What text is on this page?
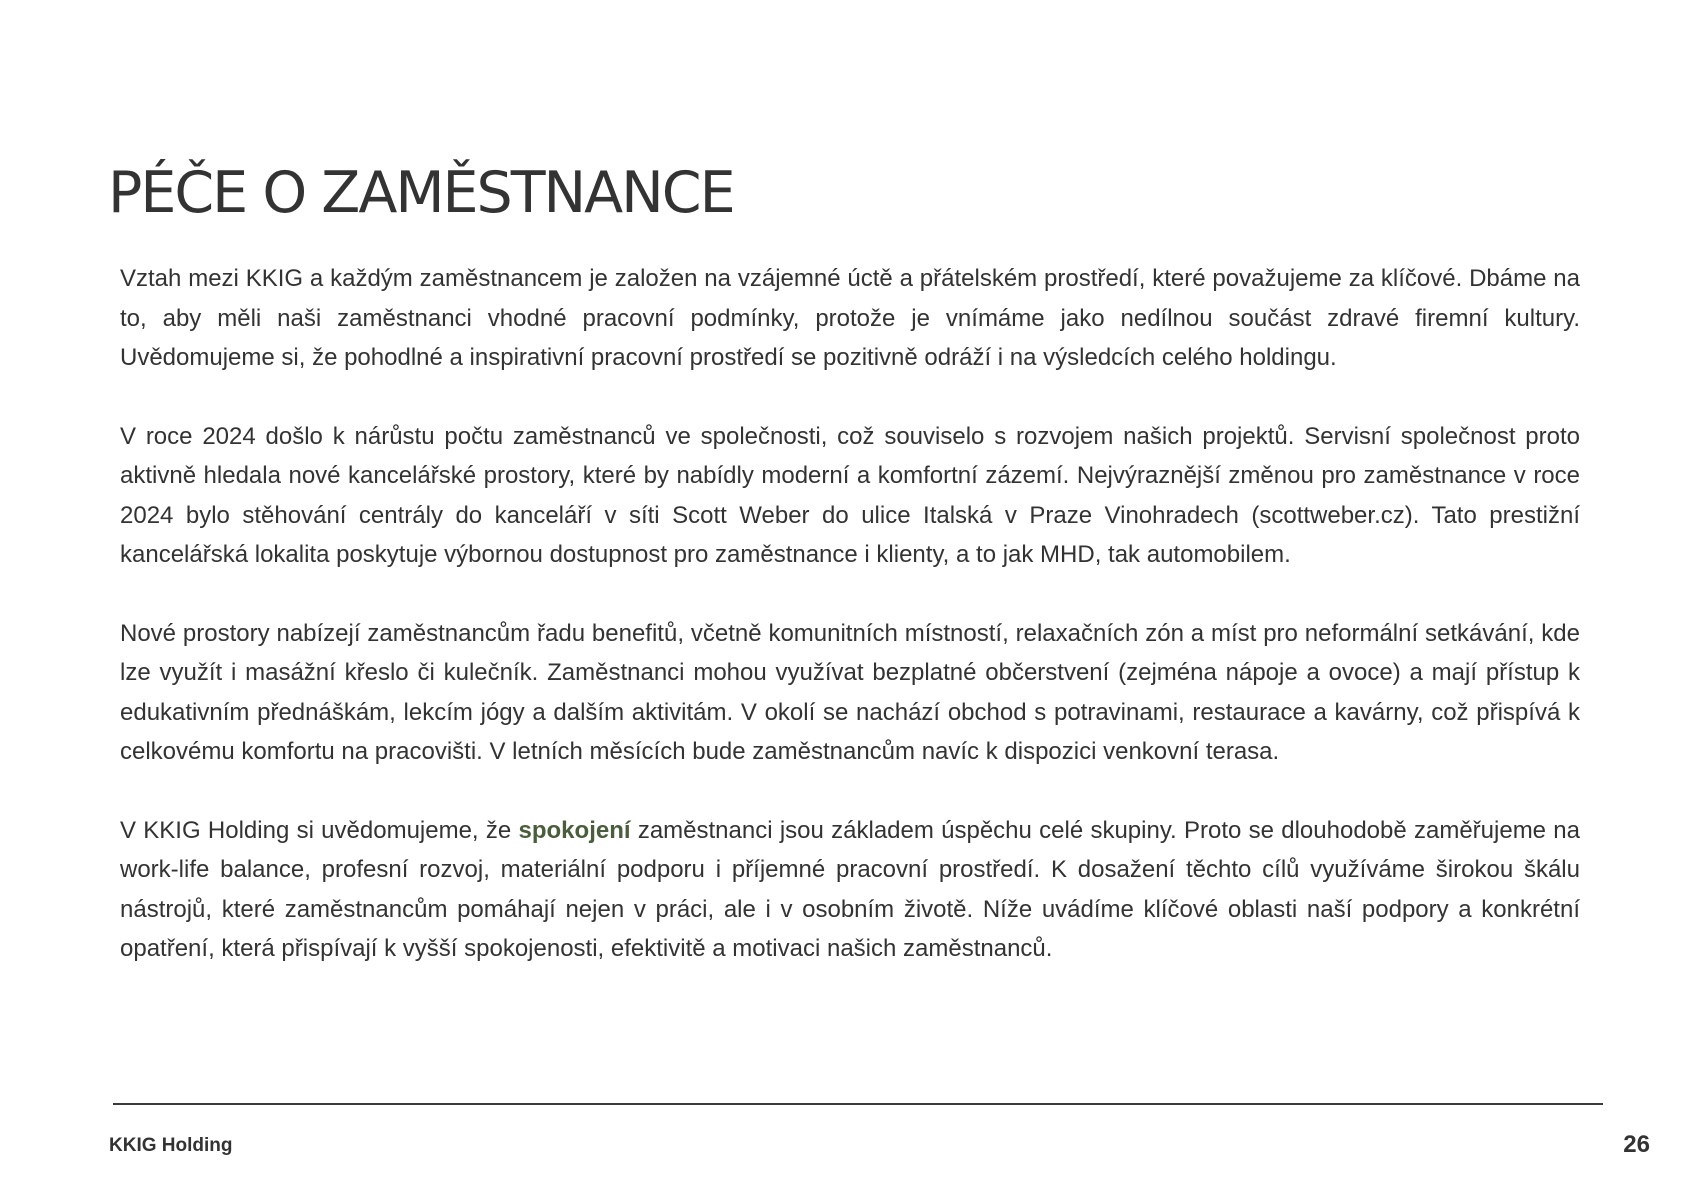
PÉČE O ZAMĚSTNANCE

Vztah mezi KKIG a každým zaměstnancem je založen na vzájemné úctě a přátelském prostředí, které považujeme za klíčové. Dbáme na to, aby měli naši zaměstnanci vhodné pracovní podmínky, protože je vnímáme jako nedílnou součást zdravé firemní kultury. Uvědomujeme si, že pohodlné a inspirativní pracovní prostředí se pozitivně odráží i na výsledcích celého holdingu.

V roce 2024 došlo k nárůstu počtu zaměstnanců ve společnosti, což souviselo s rozvojem našich projektů. Servisní společnost proto aktivně hledala nové kancelářské prostory, které by nabídly moderní a komfortní zázemí. Nejvýraznější změnou pro zaměstnance v roce 2024 bylo stěhování centrály do kanceláří v síti Scott Weber do ulice Italská v Praze Vinohradech (scottweber.cz). Tato prestižní kancelářská lokalita poskytuje výbornou dostupnost pro zaměstnance i klienty, a to jak MHD, tak automobilem.

Nové prostory nabízejí zaměstnancům řadu benefitů, včetně komunitních místností, relaxačních zón a míst pro neformální setkávání, kde lze využít i masážní křeslo či kulečník. Zaměstnanci mohou využívat bezplatné občerstvení (zejména nápoje a ovoce) a mají přístup k edukativním přednáškám, lekcím jógy a dalším aktivitám. V okolí se nachází obchod s potravinami, restaurace a kavárny, což přispívá k celkovému komfortu na pracovišti. V letních měsících bude zaměstnancům navíc k dispozici venkovní terasa.

V KKIG Holding si uvědomujeme, že spokojení zaměstnanci jsou základem úspěchu celé skupiny. Proto se dlouhodobě zaměřujeme na work-life balance, profesní rozvoj, materiální podporu i příjemné pracovní prostředí. K dosažení těchto cílů využíváme širokou škálu nástrojů, které zaměstnancům pomáhají nejen v práci, ale i v osobním životě. Níže uvádíme klíčové oblasti naší podpory a konkrétní opatření, která přispívají k vyšší spokojenosti, efektivitě a motivaci našich zaměstnanců.

KKIG Holding	26
